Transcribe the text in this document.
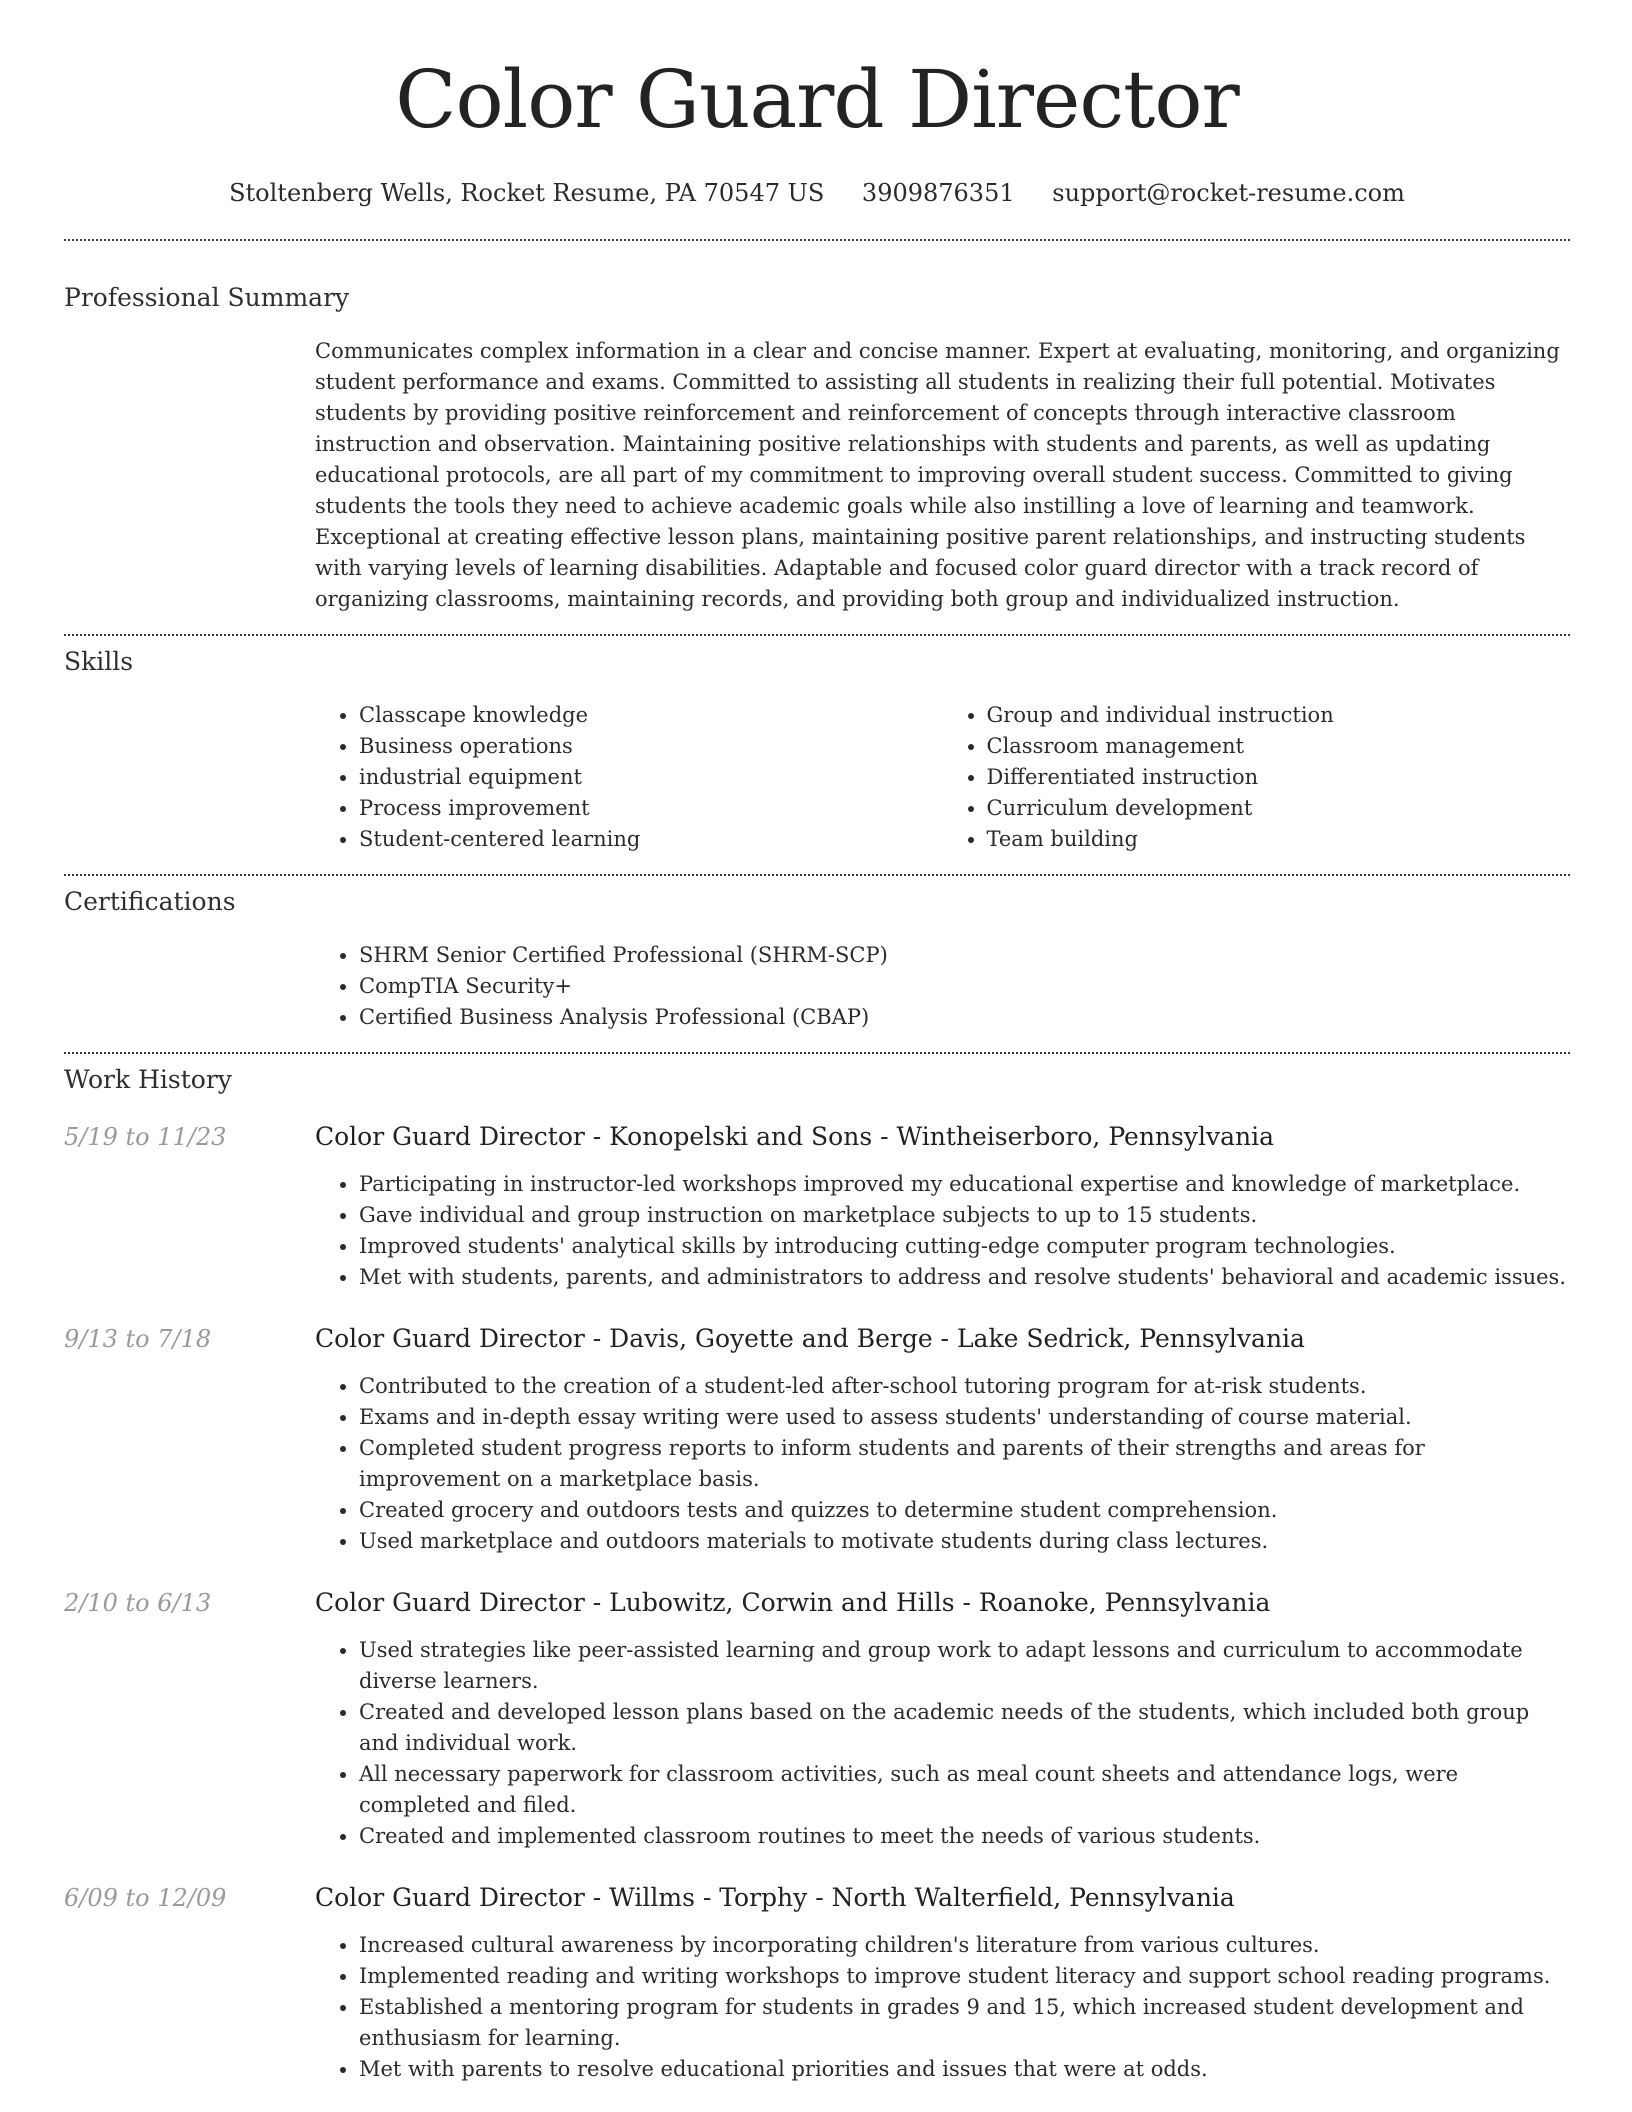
Color Guard Director
Stoltenberg Wells, Rocket Resume, PA 70547 US 3909876351 support@rocket-resume.com
Professional Summary

Communicates complex information in a clear and concise manner. Expert at evaluating, monitoring, and organizing student performance and exams. Committed to assisting all students in realizing their full potential. Motivates students by providing positive reinforcement and reinforcement of concepts through interactive classroom instruction and observation. Maintaining positive relationships with students and parents, as well as updating educational protocols, are all part of my commitment to improving overall student success. Committed to giving students the tools they need to achieve academic goals while also instilling a love of learning and teamwork. Exceptional at creating effective lesson plans, maintaining positive parent relationships, and instructing students with varying levels of learning disabilities. Adaptable and focused color guard director with a track record of organizing classrooms, maintaining records, and providing both group and individualized instruction.

Skills
• Classcape knowledge
• Business operations
• industrial equipment
• Process improvement
• Student-centered learning
• Group and individual instruction
• Classroom management
• Differentiated instruction
• Curriculum development
• Team building
Certifications
• SHRM Senior Certified Professional (SHRM-SCP)
• CompTIA Security+
• Certified Business Analysis Professional (CBAP)
Work History
5/19 to 11/23	Color Guard Director - Konopelski and Sons - Wintheiserboro, Pennsylvania
• Participating in instructor-led workshops improved my educational expertise and knowledge of marketplace.
• Gave individual and group instruction on marketplace subjects to up to 15 students.
• Improved students' analytical skills by introducing cutting-edge computer program technologies.
• Met with students, parents, and administrators to address and resolve students' behavioral and academic issues.
9/13 to 7/18	Color Guard Director - Davis, Goyette and Berge - Lake Sedrick, Pennsylvania
• Contributed to the creation of a student-led after-school tutoring program for at-risk students.
• Exams and in-depth essay writing were used to assess students' understanding of course material.
• Completed student progress reports to inform students and parents of their strengths and areas for improvement on a marketplace basis.
• Created grocery and outdoors tests and quizzes to determine student comprehension.
• Used marketplace and outdoors materials to motivate students during class lectures.
2/10 to 6/13	Color Guard Director - Lubowitz, Corwin and Hills - Roanoke, Pennsylvania
• Used strategies like peer-assisted learning and group work to adapt lessons and curriculum to accommodate diverse learners.
• Created and developed lesson plans based on the academic needs of the students, which included both group and individual work.
• All necessary paperwork for classroom activities, such as meal count sheets and attendance logs, were completed and filed.
• Created and implemented classroom routines to meet the needs of various students.
6/09 to 12/09	Color Guard Director - Willms - Torphy - North Walterfield, Pennsylvania
• Increased cultural awareness by incorporating children's literature from various cultures.
• Implemented reading and writing workshops to improve student literacy and support school reading programs.
• Established a mentoring program for students in grades 9 and 15, which increased student development and enthusiasm for learning.
• Met with parents to resolve educational priorities and issues that were at odds.
